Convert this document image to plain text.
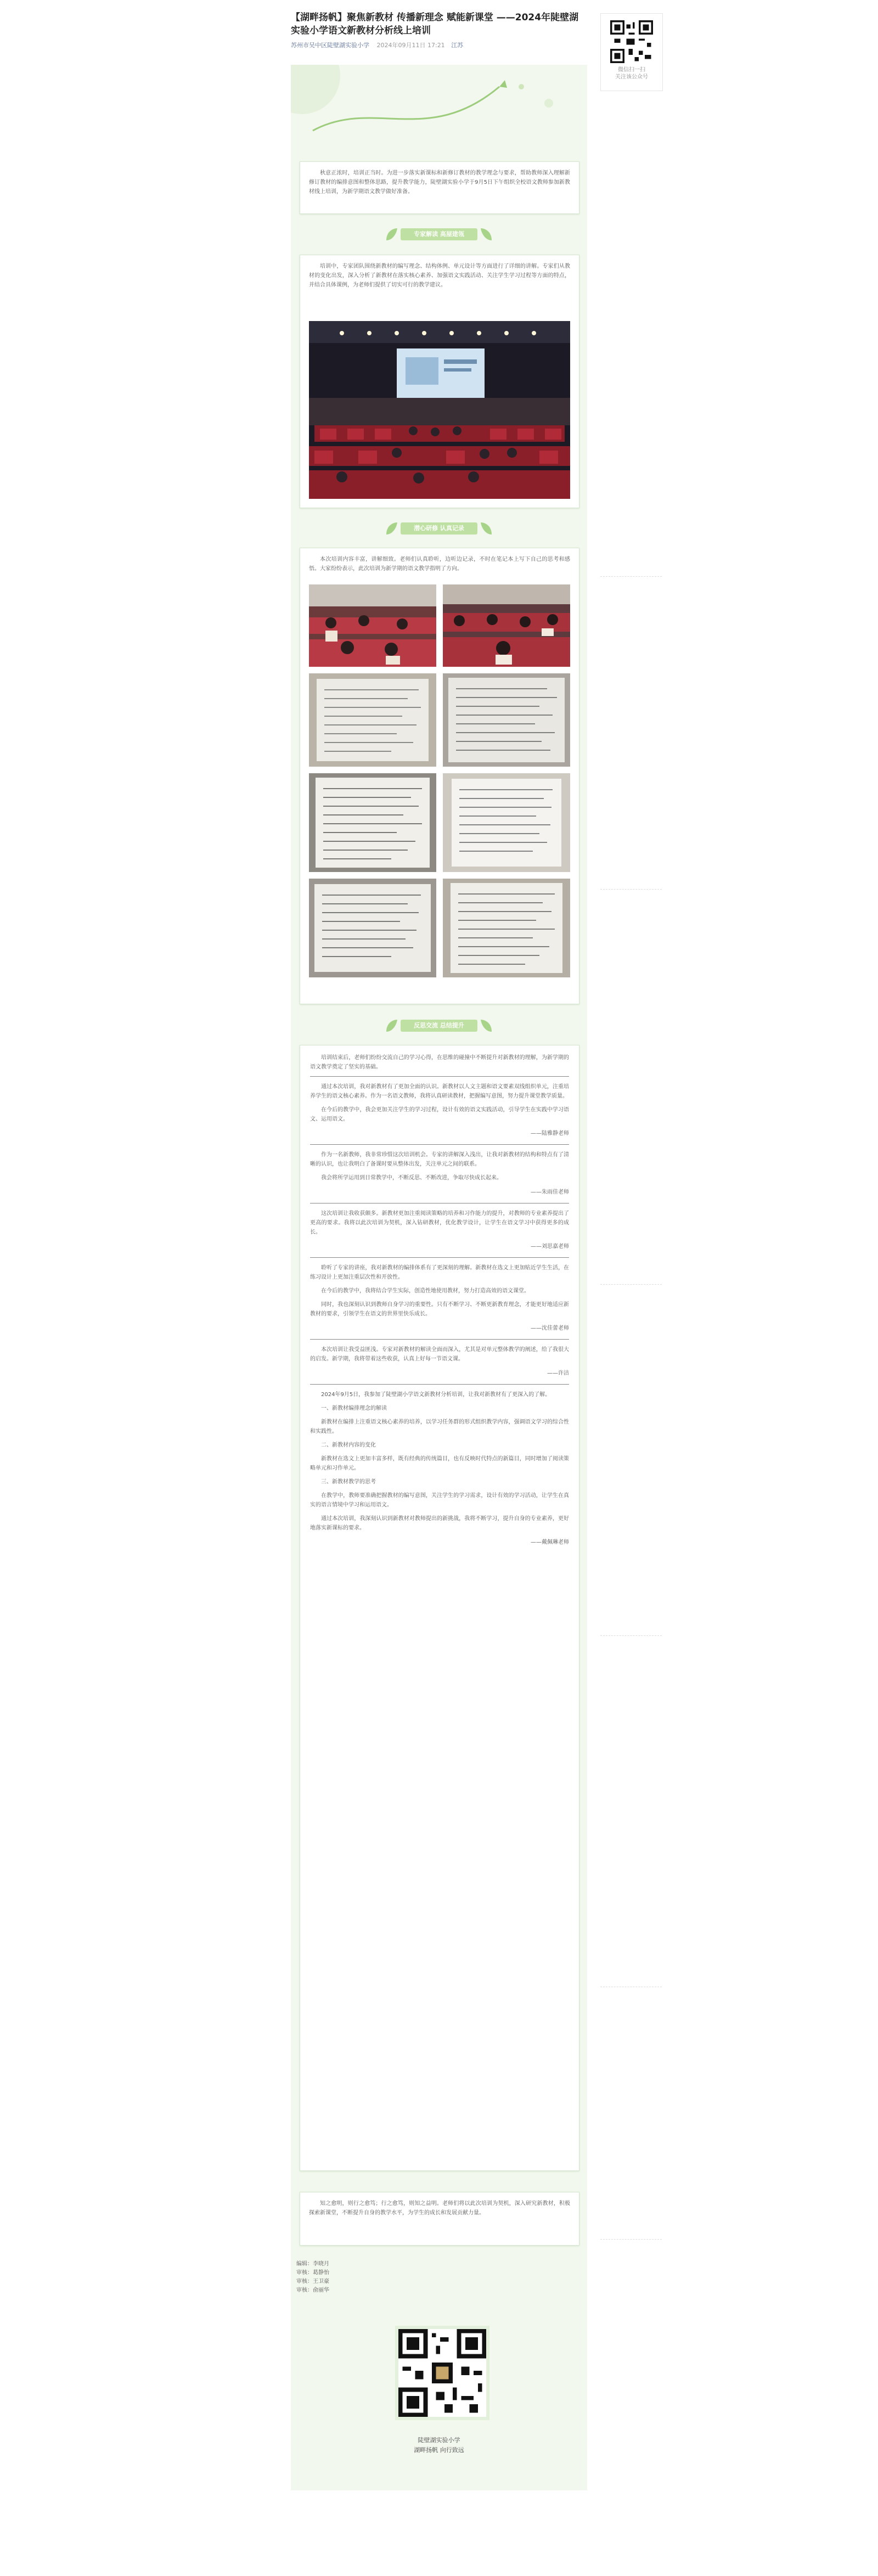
【湖畔扬帆】聚焦新教材 传播新理念 赋能新课堂 ——2024年陡壁湖实验小学语文新教材分析线上培训
苏州市吴中区陡壁湖实验小学 2024年09月11日 17:21 江苏
秋意正浓时，培训正当时。为进一步落实新课标和新修订教材的教学理念与要求，帮助教师深入理解新修订教材的编排意图和整体思路，提升教学能力，陡壁湖实验小学于9月5日下午组织全校语文教师参加新教材线上培训，为新学期语文教学做好准备。
专家解读 高屋建瓴
培训中，专家团队围绕新教材的编写理念、结构体例、单元设计等方面进行了详细的讲解。专家们从教材的变化出发，深入分析了新教材在落实核心素养、加强语文实践活动、关注学生学习过程等方面的特点，并结合具体课例，为老师们提供了切实可行的教学建议。
潜心研修 认真记录
本次培训内容丰富，讲解细致。老师们认真聆听，边听边记录，不时在笔记本上写下自己的思考和感悟。大家纷纷表示，此次培训为新学期的语文教学指明了方向。
反思交流 总结提升

培训结束后，老师们纷纷交流自己的学习心得，在思维的碰撞中不断提升对新教材的理解，为新学期的语文教学奠定了坚实的基础。

通过本次培训，我对新教材有了更加全面的认识。新教材以人文主题和语文要素双线组织单元，注重培养学生的语文核心素养。作为一名语文教师，我将认真研读教材，把握编写意图，努力提升课堂教学质量。

在今后的教学中，我会更加关注学生的学习过程，设计有效的语文实践活动，引导学生在实践中学习语文、运用语文。

——陆雅静老师

作为一名新教师，我非常珍惜这次培训机会。专家的讲解深入浅出，让我对新教材的结构和特点有了清晰的认识，也让我明白了备课时要从整体出发，关注单元之间的联系。

我会将所学运用到日常教学中，不断反思、不断改进，争取尽快成长起来。

——朱雨佳老师

这次培训让我收获颇多。新教材更加注重阅读策略的培养和习作能力的提升，对教师的专业素养提出了更高的要求。我将以此次培训为契机，深入钻研教材，优化教学设计，让学生在语文学习中获得更多的成长。

——刘思嘉老师

聆听了专家的讲座，我对新教材的编排体系有了更深刻的理解。新教材在选文上更加贴近学生生活，在练习设计上更加注重层次性和开放性。

在今后的教学中，我将结合学生实际，创造性地使用教材，努力打造高效的语文课堂。

同时，我也深刻认识到教师自身学习的重要性。只有不断学习、不断更新教育理念，才能更好地适应新教材的要求，引领学生在语文的世界里快乐成长。

——沈佳蕾老师

本次培训让我受益匪浅。专家对新教材的解读全面而深入，尤其是对单元整体教学的阐述，给了我很大的启发。新学期，我将带着这些收获，认真上好每一节语文课。

——许洁

2024年9月5日，我参加了陡壁湖小学语文新教材分析培训，让我对新教材有了更深入的了解。

一、新教材编排理念的解读

新教材在编排上注重语文核心素养的培养，以学习任务群的形式组织教学内容，强调语文学习的综合性和实践性。

二、新教材内容的变化

新教材在选文上更加丰富多样，既有经典的传统篇目，也有反映时代特点的新篇目，同时增加了阅读策略单元和习作单元。

三、新教材教学的思考

在教学中，教师要准确把握教材的编写意图，关注学生的学习需求，设计有效的学习活动，让学生在真实的语言情境中学习和运用语文。

通过本次培训，我深刻认识到新教材对教师提出的新挑战，我将不断学习，提升自身的专业素养，更好地落实新课标的要求。

——戴佩琳老师
知之愈明，则行之愈笃；行之愈笃，则知之益明。老师们将以此次培训为契机，深入研究新教材，积极探索新课堂，不断提升自身的教学水平，为学生的成长和发展贡献力量。
编辑：李晓月
审核：葛静怡
审核：王卫豪
审核：俞丽华
陡壁湖实验小学
湖畔扬帆 向行致远
微信扫一扫
关注该公众号
